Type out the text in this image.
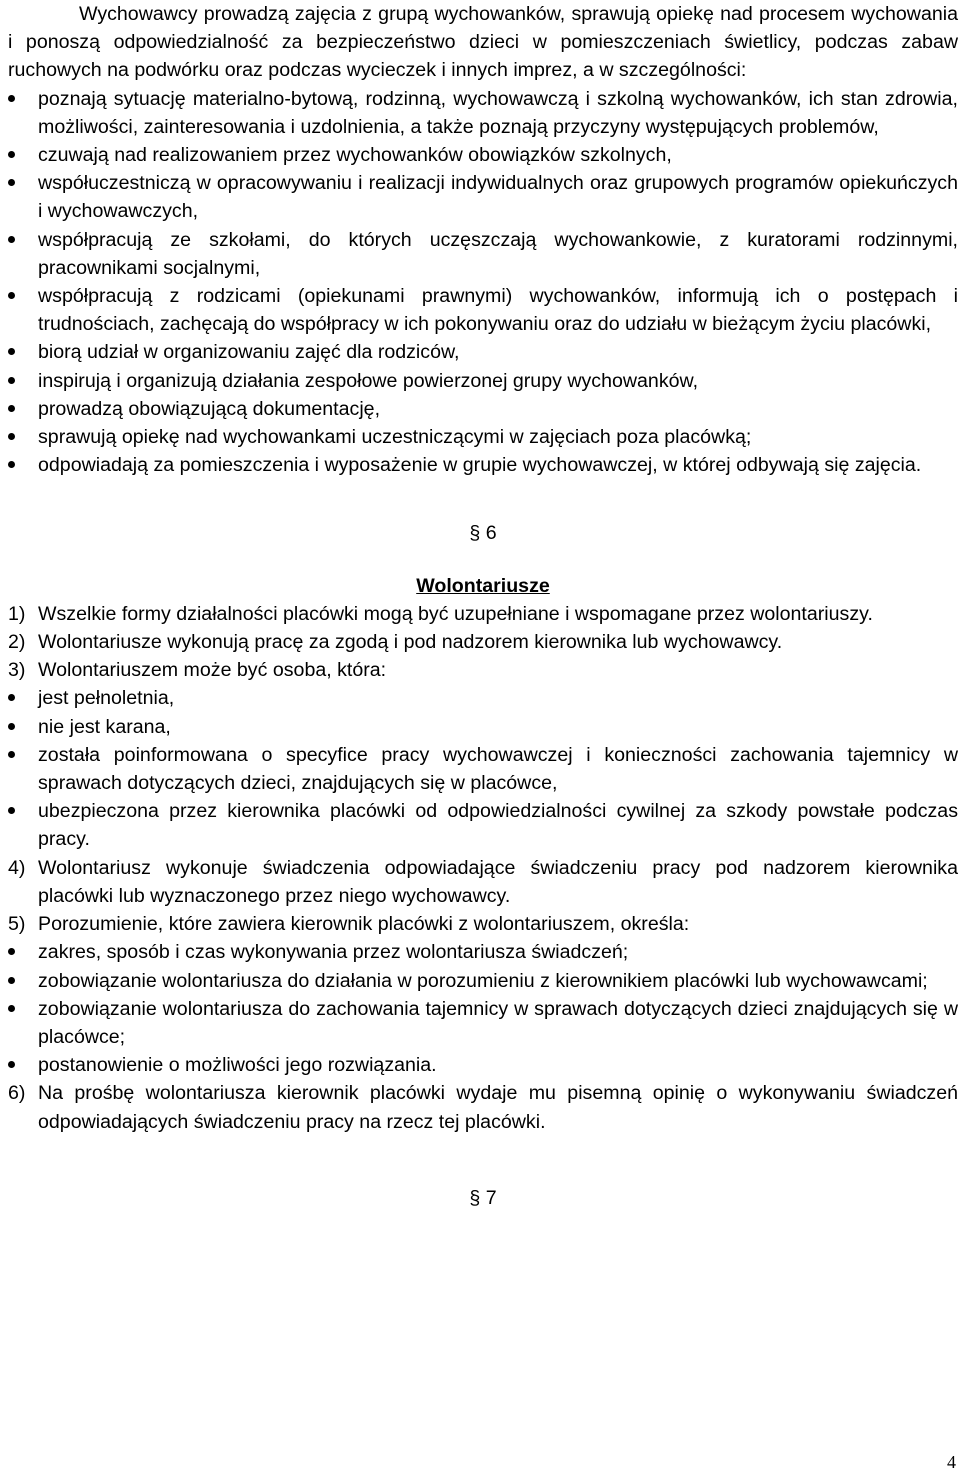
Wychowawcy prowadzą zajęcia z grupą wychowanków, sprawują opiekę nad procesem wychowania i ponoszą odpowiedzialność za bezpieczeństwo dzieci w pomieszczeniach świetlicy, podczas zabaw ruchowych na podwórku oraz podczas wycieczek i innych imprez, a w szczególności:

poznają sytuację materialno-bytową, rodzinną, wychowawczą i szkolną wychowanków, ich stan zdrowia, możliwości, zainteresowania i uzdolnienia, a także poznają przyczyny występujących problemów,
czuwają nad realizowaniem przez wychowanków obowiązków szkolnych,
współuczestniczą w opracowywaniu i realizacji indywidualnych oraz grupowych programów opiekuńczych i wychowawczych,
współpracują ze szkołami, do których uczęszczają wychowankowie, z kuratorami rodzinnymi, pracownikami socjalnymi,
współpracują z rodzicami (opiekunami prawnymi) wychowanków, informują ich o postępach i trudnościach, zachęcają do współpracy w ich pokonywaniu oraz do udziału w bieżącym życiu placówki,
biorą udział w organizowaniu zajęć dla rodziców,
inspirują i organizują działania zespołowe powierzonej grupy wychowanków,
prowadzą obowiązującą dokumentację,
sprawują opiekę nad wychowankami uczestniczącymi w zajęciach poza placówką;
odpowiadają za pomieszczenia i wyposażenie w grupie wychowawczej, w której odbywają się zajęcia.

§ 6

Wolontariusze

1) Wszelkie formy działalności placówki mogą być uzupełniane i wspomagane przez wolontariuszy.
2) Wolontariusze wykonują pracę za zgodą i pod nadzorem kierownika lub wychowawcy.
3) Wolontariuszem może być osoba, która:
jest pełnoletnia,
nie jest karana,
została poinformowana o specyfice pracy wychowawczej i konieczności zachowania tajemnicy w sprawach dotyczących dzieci, znajdujących się w placówce,
ubezpieczona przez kierownika placówki od odpowiedzialności cywilnej za szkody powstałe podczas pracy.
4) Wolontariusz wykonuje świadczenia odpowiadające świadczeniu pracy pod nadzorem kierownika placówki lub wyznaczonego przez niego wychowawcy.
5) Porozumienie, które zawiera kierownik placówki z wolontariuszem, określa:
zakres, sposób i czas wykonywania przez wolontariusza świadczeń;
zobowiązanie wolontariusza do działania w porozumieniu z kierownikiem placówki lub wychowawcami;
zobowiązanie wolontariusza do zachowania tajemnicy w sprawach dotyczących dzieci znajdujących się w placówce;
postanowienie o możliwości jego rozwiązania.
6) Na prośbę wolontariusza kierownik placówki wydaje mu pisemną opinię o wykonywaniu świadczeń odpowiadających świadczeniu pracy na rzecz tej placówki.

§ 7

4
